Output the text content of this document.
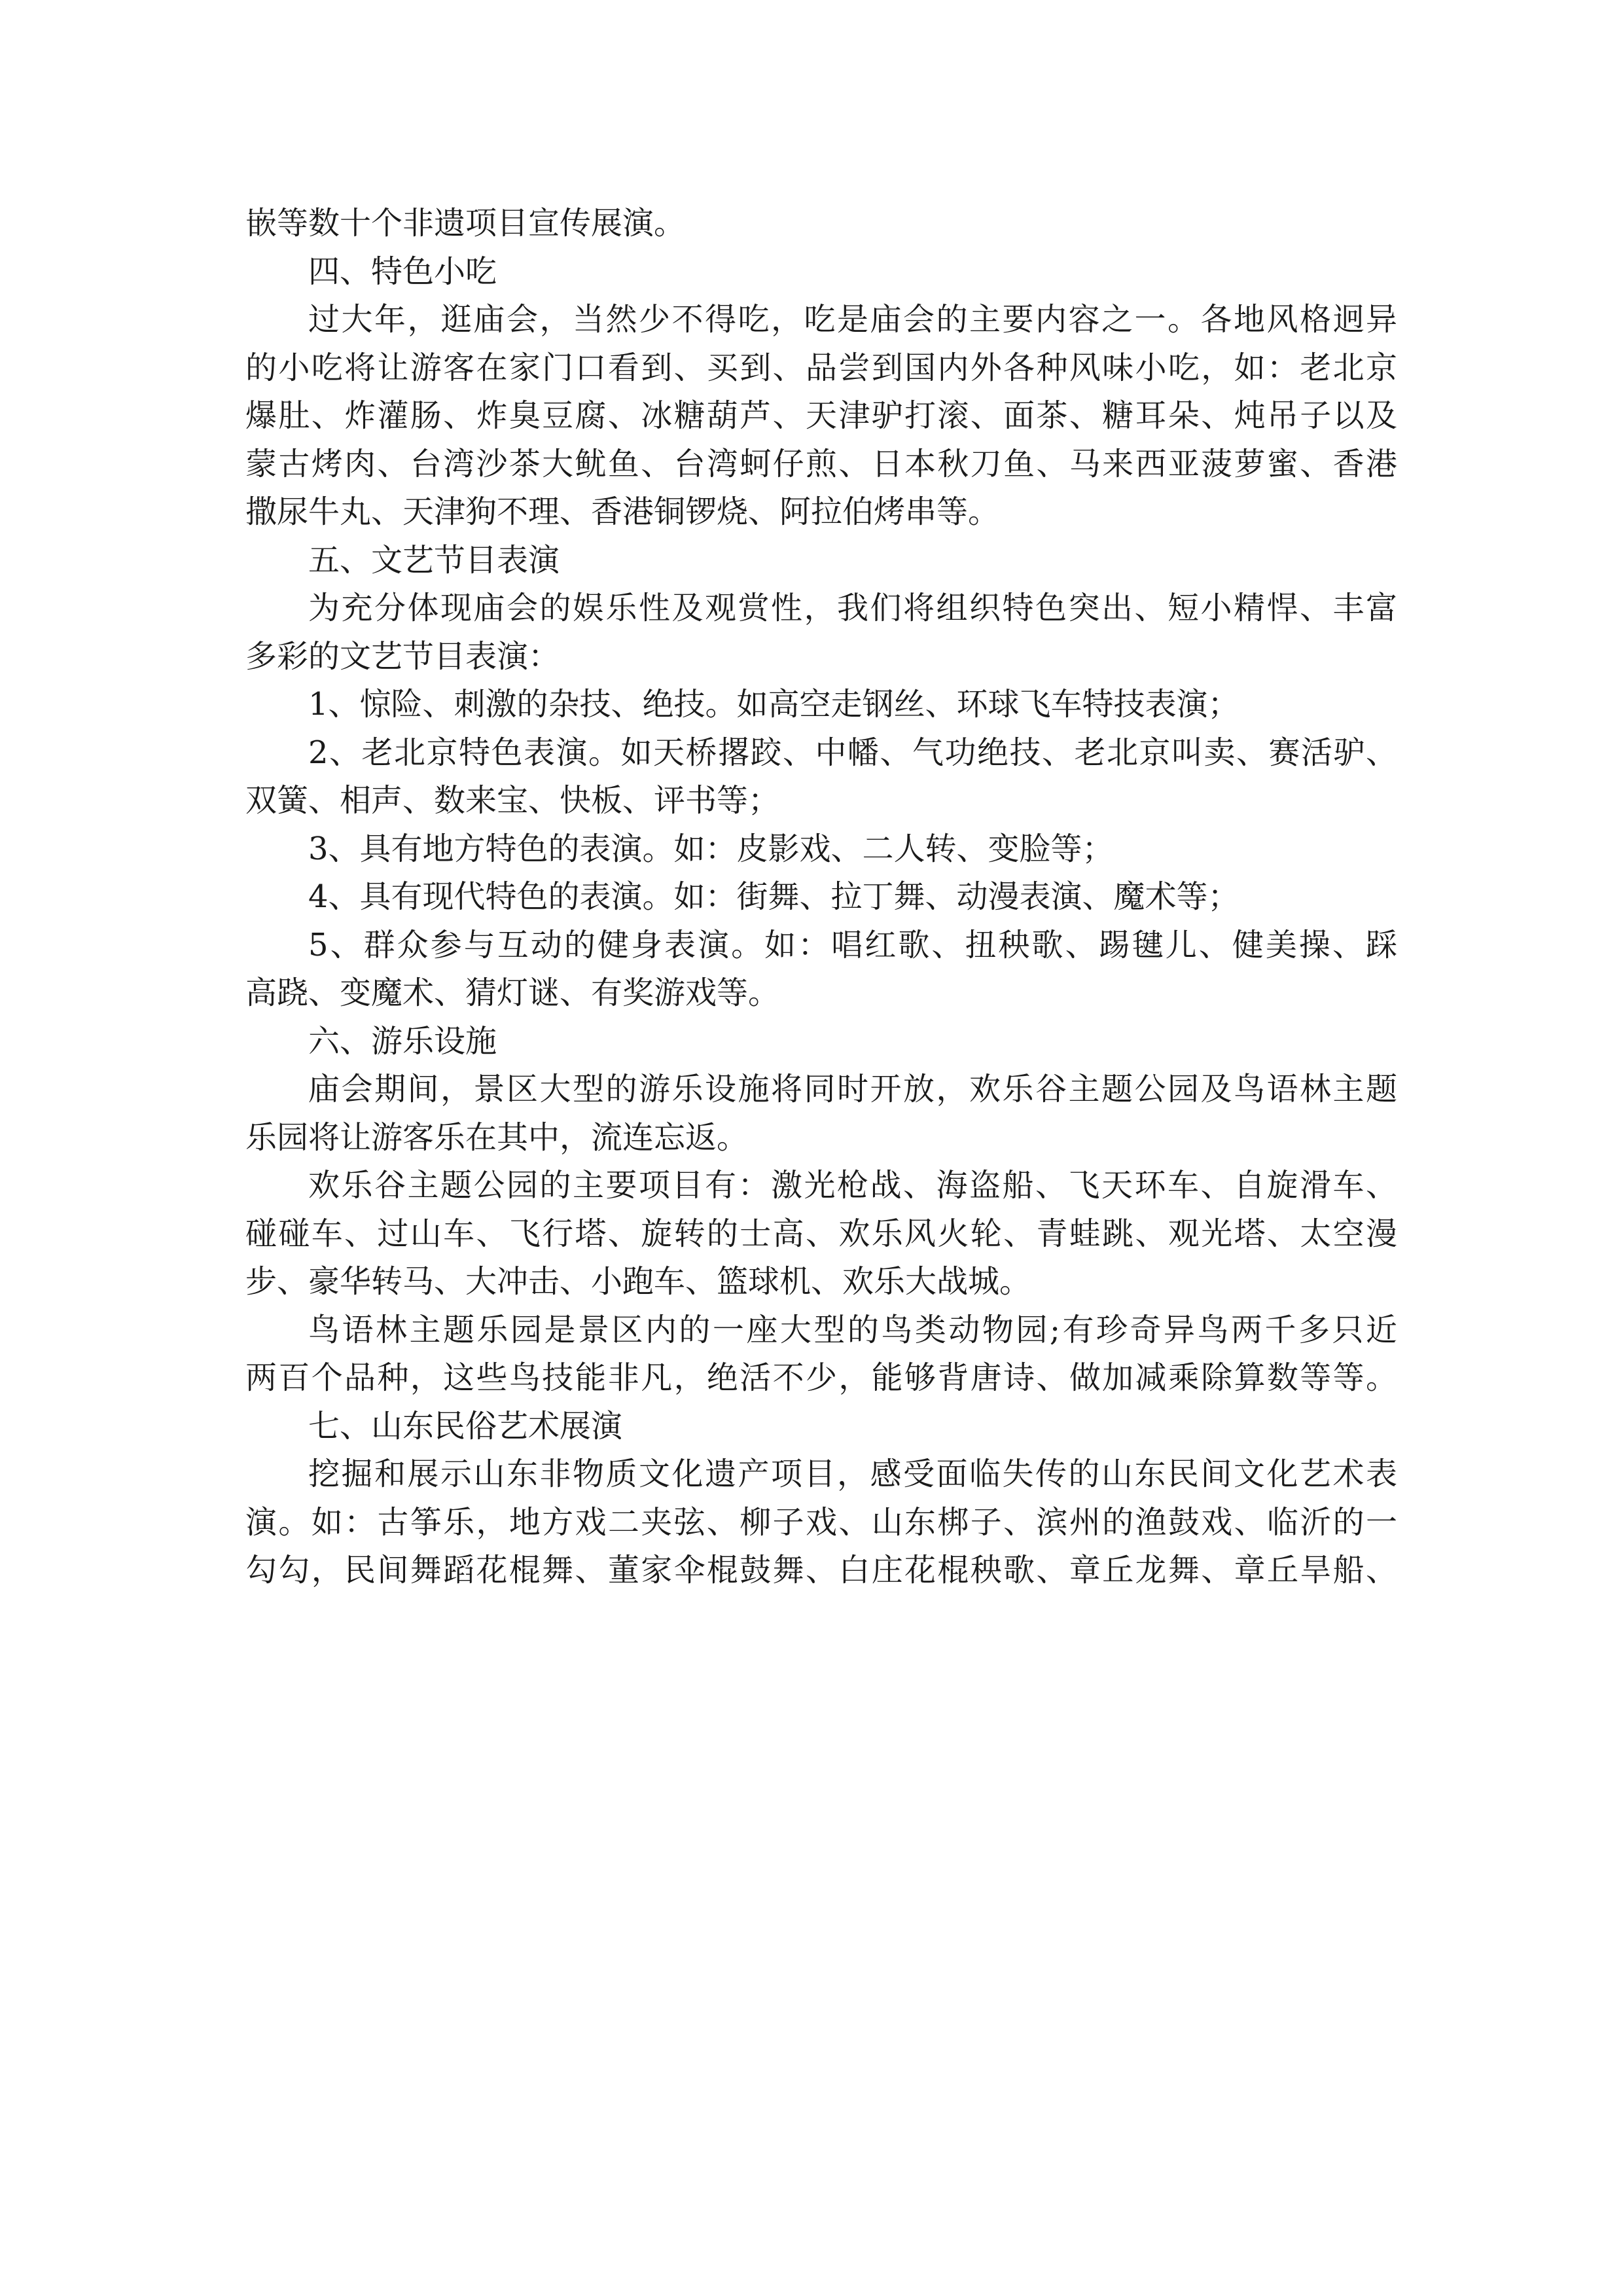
嵌等数十个非遗项目宣传展演。
四、特色小吃
过大年，逛庙会，当然少不得吃，吃是庙会的主要内容之一。各地风格迥异
的小吃将让游客在家门口看到、买到、品尝到国内外各种风味小吃，如：老北京
爆肚、炸灌肠、炸臭豆腐、冰糖葫芦、天津驴打滚、面茶、糖耳朵、炖吊子以及
蒙古烤肉、台湾沙茶大鱿鱼、台湾蚵仔煎、日本秋刀鱼、马来西亚菠萝蜜、香港
撒尿牛丸、天津狗不理、香港铜锣烧、阿拉伯烤串等。
五、文艺节目表演
为充分体现庙会的娱乐性及观赏性，我们将组织特色突出、短小精悍、丰富
多彩的文艺节目表演：
1、惊险、刺激的杂技、绝技。如高空走钢丝、环球飞车特技表演；
2、老北京特色表演。如天桥撂跤、中幡、气功绝技、老北京叫卖、赛活驴、
双簧、相声、数来宝、快板、评书等；
3、具有地方特色的表演。如：皮影戏、二人转、变脸等；
4、具有现代特色的表演。如：街舞、拉丁舞、动漫表演、魔术等；
5、群众参与互动的健身表演。如：唱红歌、扭秧歌、踢毽儿、健美操、踩
高跷、变魔术、猜灯谜、有奖游戏等。
六、游乐设施
庙会期间，景区大型的游乐设施将同时开放，欢乐谷主题公园及鸟语林主题
乐园将让游客乐在其中，流连忘返。
欢乐谷主题公园的主要项目有：激光枪战、海盗船、飞天环车、自旋滑车、
碰碰车、过山车、飞行塔、旋转的士高、欢乐风火轮、青蛙跳、观光塔、太空漫
步、豪华转马、大冲击、小跑车、篮球机、欢乐大战城。
鸟语林主题乐园是景区内的一座大型的鸟类动物园;有珍奇异鸟两千多只近
两百个品种，这些鸟技能非凡，绝活不少，能够背唐诗、做加减乘除算数等等。
七、山东民俗艺术展演
挖掘和展示山东非物质文化遗产项目，感受面临失传的山东民间文化艺术表
演。如：古筝乐，地方戏二夹弦、柳子戏、山东梆子、滨州的渔鼓戏、临沂的一
勾勾，民间舞蹈花棍舞、董家伞棍鼓舞、白庄花棍秧歌、章丘龙舞、章丘旱船、
